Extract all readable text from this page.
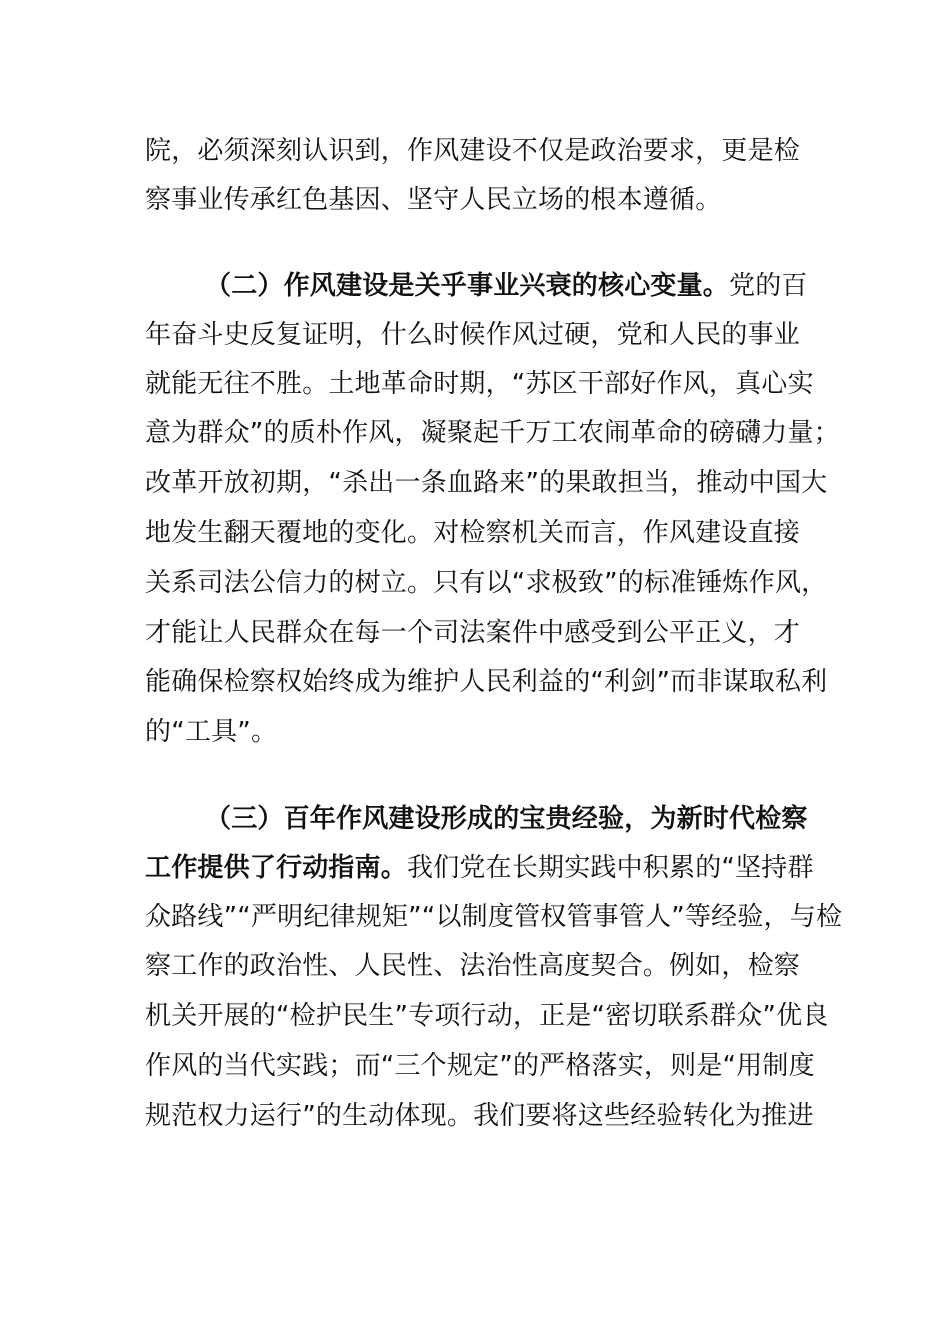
院，必须深刻认识到，作风建设不仅是政治要求，更是检
察事业传承红色基因、坚守人民立场的根本遵循。
（二）作风建设是关乎事业兴衰的核心变量。党的百
年奋斗史反复证明，什么时候作风过硬，党和人民的事业
就能无往不胜。土地革命时期，“苏区干部好作风，真心实
意为群众”的质朴作风，凝聚起千万工农闹革命的磅礴力量；
改革开放初期，“杀出一条血路来”的果敢担当，推动中国大
地发生翻天覆地的变化。对检察机关而言，作风建设直接
关系司法公信力的树立。只有以“求极致”的标准锤炼作风，
才能让人民群众在每一个司法案件中感受到公平正义，才
能确保检察权始终成为维护人民利益的“利剑”而非谋取私利
的“工具”。
（三）百年作风建设形成的宝贵经验，为新时代检察
工作提供了行动指南。我们党在长期实践中积累的“坚持群
众路线”“严明纪律规矩”“以制度管权管事管人”等经验，与检
察工作的政治性、人民性、法治性高度契合。例如，检察
机关开展的“检护民生”专项行动，正是“密切联系群众”优良
作风的当代实践；而“三个规定”的严格落实，则是“用制度
规范权力运行”的生动体现。我们要将这些经验转化为推进
